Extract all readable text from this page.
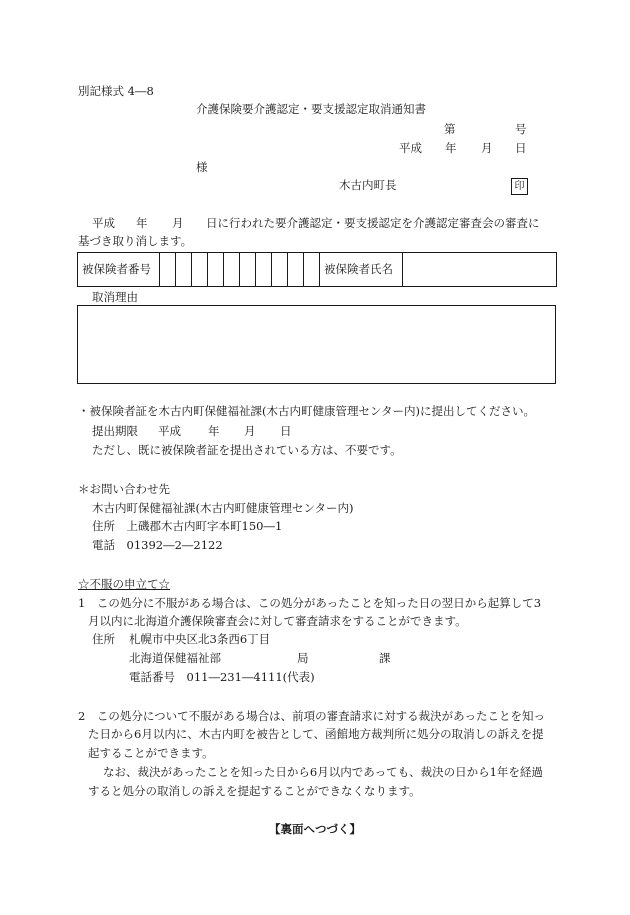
別記様式 4―8
介護保険要介護認定・要支援認定取消通知書
第	号
平成 年 月 日
様
木古内町長	印
平成 年 月 日に行われた要介護認定・要支援認定を介護認定審査会の審査に
基づき取り消します。
被保険者番号											被保険者氏名	
取消理由
・被保険者証を木古内町保健福祉課(木古内町健康管理センター内)に提出してください。
提出期限 平成 年 月 日
ただし、既に被保険者証を提出されている方は、不要です。
＊お問い合わせ先
木古内町保健福祉課(木古内町健康管理センター内)
住所　上磯郡木古内町字本町150―1
電話　01392―2―2122
☆不服の申立て☆
1　この処分に不服がある場合は、この処分があったことを知った日の翌日から起算して3
月以内に北海道介護保険審査会に対して審査請求をすることができます。
住所 札幌市中央区北3条西6丁目
北海道保健福祉部	局	課
電話番号　011―231―4111(代表)
2　この処分について不服がある場合は、前項の審査請求に対する裁決があったことを知っ
た日から6月以内に、木古内町を被告として、函館地方裁判所に処分の取消しの訴えを提
起することができます。
なお、裁決があったことを知った日から6月以内であっても、裁決の日から1年を経過
すると処分の取消しの訴えを提起することができなくなります。
【裏面へつづく】
